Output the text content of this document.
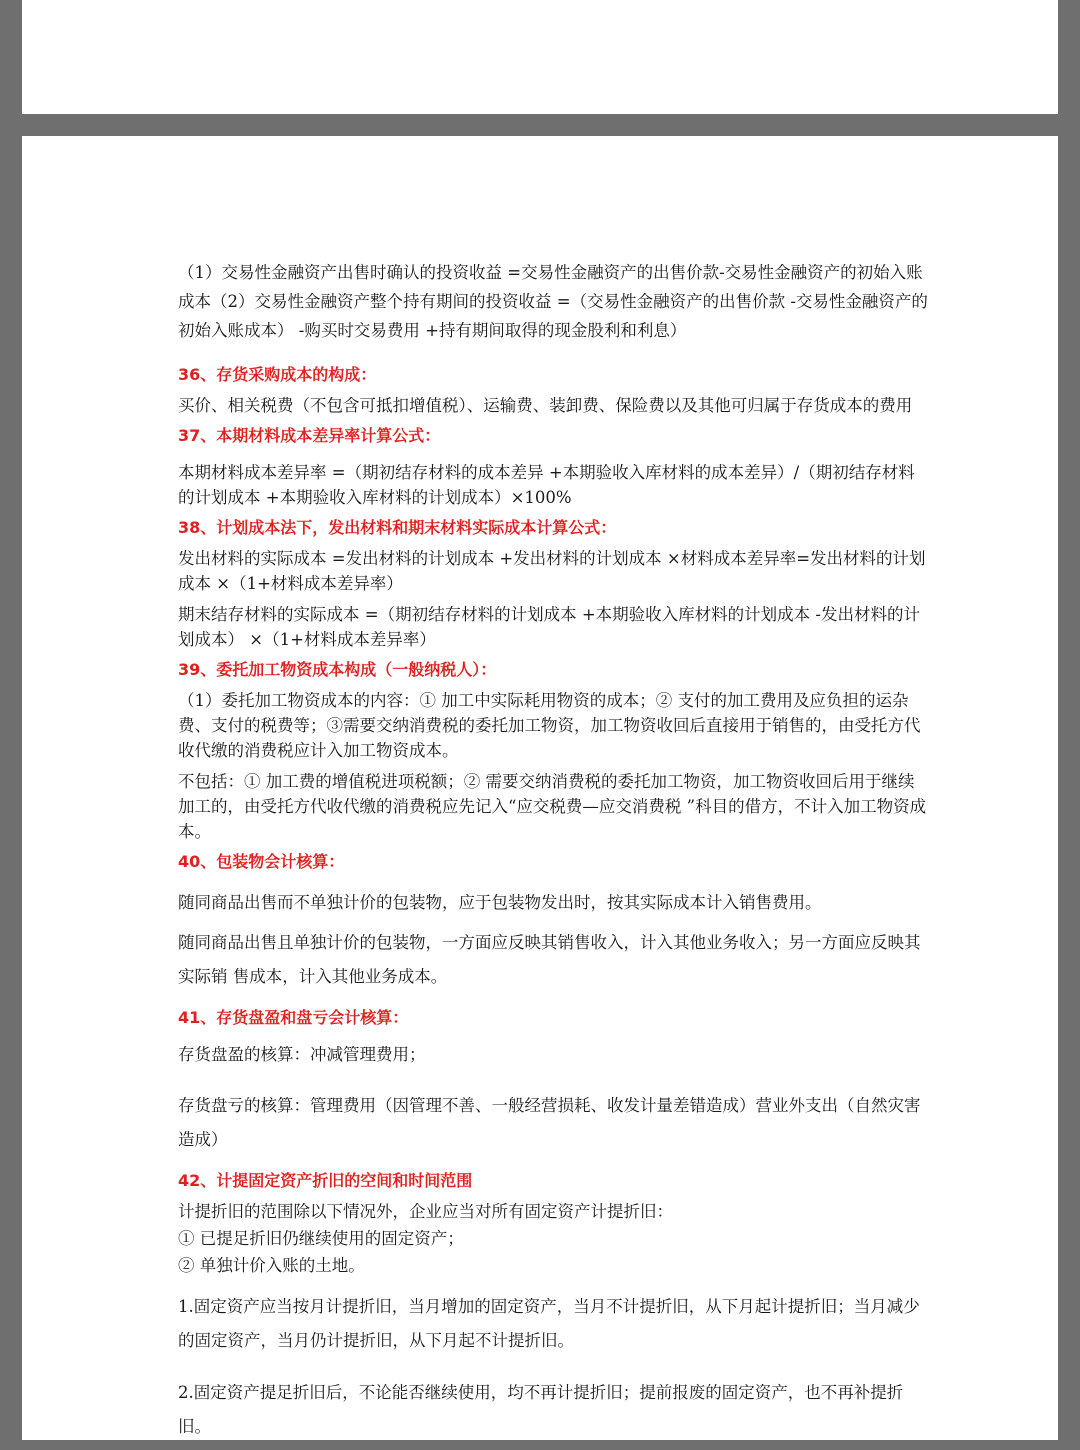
（1）交易性金融资产出售时确认的投资收益 =交易性金融资产的出售价款-交易性金融资产的初始入账成本（2）交易性金融资产整个持有期间的投资收益 =（交易性金融资产的出售价款 -交易性金融资产的初始入账成本） -购买时交易费用 +持有期间取得的现金股利和利息）
36、存货采购成本的构成：
买价、相关税费（不包含可抵扣增值税）、运输费、装卸费、保险费以及其他可归属于存货成本的费用
37、本期材料成本差异率计算公式：
本期材料成本差异率 =（期初结存材料的成本差异 +本期验收入库材料的成本差异）/（期初结存材料的计划成本 +本期验收入库材料的计划成本）×100%
38、计划成本法下，发出材料和期末材料实际成本计算公式：
发出材料的实际成本 =发出材料的计划成本 +发出材料的计划成本 ×材料成本差异率=发出材料的计划成本 ×（1+材料成本差异率）
期末结存材料的实际成本 =（期初结存材料的计划成本 +本期验收入库材料的计划成本 -发出材料的计划成本） ×（1+材料成本差异率）
39、委托加工物资成本构成（一般纳税人）：
（1）委托加工物资成本的内容：① 加工中实际耗用物资的成本；② 支付的加工费用及应负担的运杂费、支付的税费等；③需要交纳消费税的委托加工物资，加工物资收回后直接用于销售的，由受托方代收代缴的消费税应计入加工物资成本。
不包括：① 加工费的增值税进项税额；② 需要交纳消费税的委托加工物资，加工物资收回后用于继续加工的，由受托方代收代缴的消费税应先记入“应交税费—应交消费税 ”科目的借方，不计入加工物资成本。
40、包装物会计核算：
随同商品出售而不单独计价的包装物，应于包装物发出时，按其实际成本计入销售费用。
随同商品出售且单独计价的包装物，一方面应反映其销售收入，计入其他业务收入；另一方面应反映其实际销 售成本，计入其他业务成本。
41、存货盘盈和盘亏会计核算：
存货盘盈的核算：冲减管理费用；
存货盘亏的核算：管理费用（因管理不善、一般经营损耗、收发计量差错造成）营业外支出（自然灾害造成）
42、计提固定资产折旧的空间和时间范围
计提折旧的范围除以下情况外，企业应当对所有固定资产计提折旧：
① 已提足折旧仍继续使用的固定资产；
② 单独计价入账的土地。
1.固定资产应当按月计提折旧，当月增加的固定资产，当月不计提折旧，从下月起计提折旧；当月减少的固定资产，当月仍计提折旧，从下月起不计提折旧。
2.固定资产提足折旧后，不论能否继续使用，均不再计提折旧；提前报废的固定资产，也不再补提折旧。
